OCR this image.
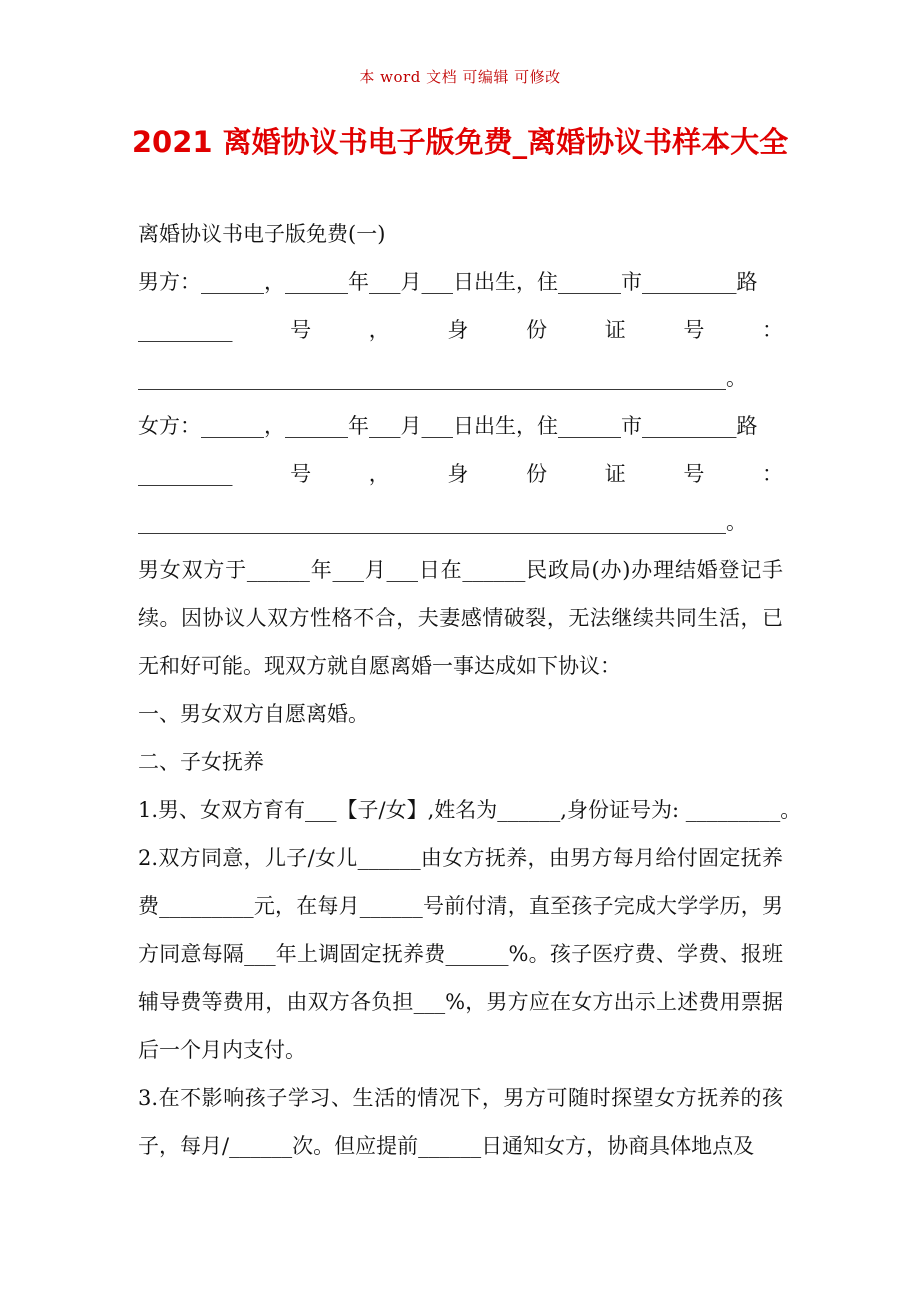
本 word 文档 可编辑 可修改
2021 离婚协议书电子版免费_离婚协议书样本大全
离婚协议书电子版免费(一)
男方：______，______年___月___日出生，住______市_________路
_________	号	，	身	份	证	号	：
________________________________________________________。
女方：______，______年___月___日出生，住______市_________路
_________	号	，	身	份	证	号	：
________________________________________________________。
男女双方于______年___月___日在______民政局(办)办理结婚登记手续。因协议人双方性格不合，夫妻感情破裂，无法继续共同生活，已无和好可能。现双方就自愿离婚一事达成如下协议：
一、男女双方自愿离婚。
二、子女抚养
1.男、女双方育有___【子/女】,姓名为______,身份证号为: _________。
2.双方同意，儿子/女儿______由女方抚养，由男方每月给付固定抚养费_________元，在每月______号前付清，直至孩子完成大学学历，男方同意每隔___年上调固定抚养费______%。孩子医疗费、学费、报班辅导费等费用，由双方各负担___%，男方应在女方出示上述费用票据后一个月内支付。
3.在不影响孩子学习、生活的情况下，男方可随时探望女方抚养的孩子，每月/______次。但应提前______日通知女方，协商具体地点及
